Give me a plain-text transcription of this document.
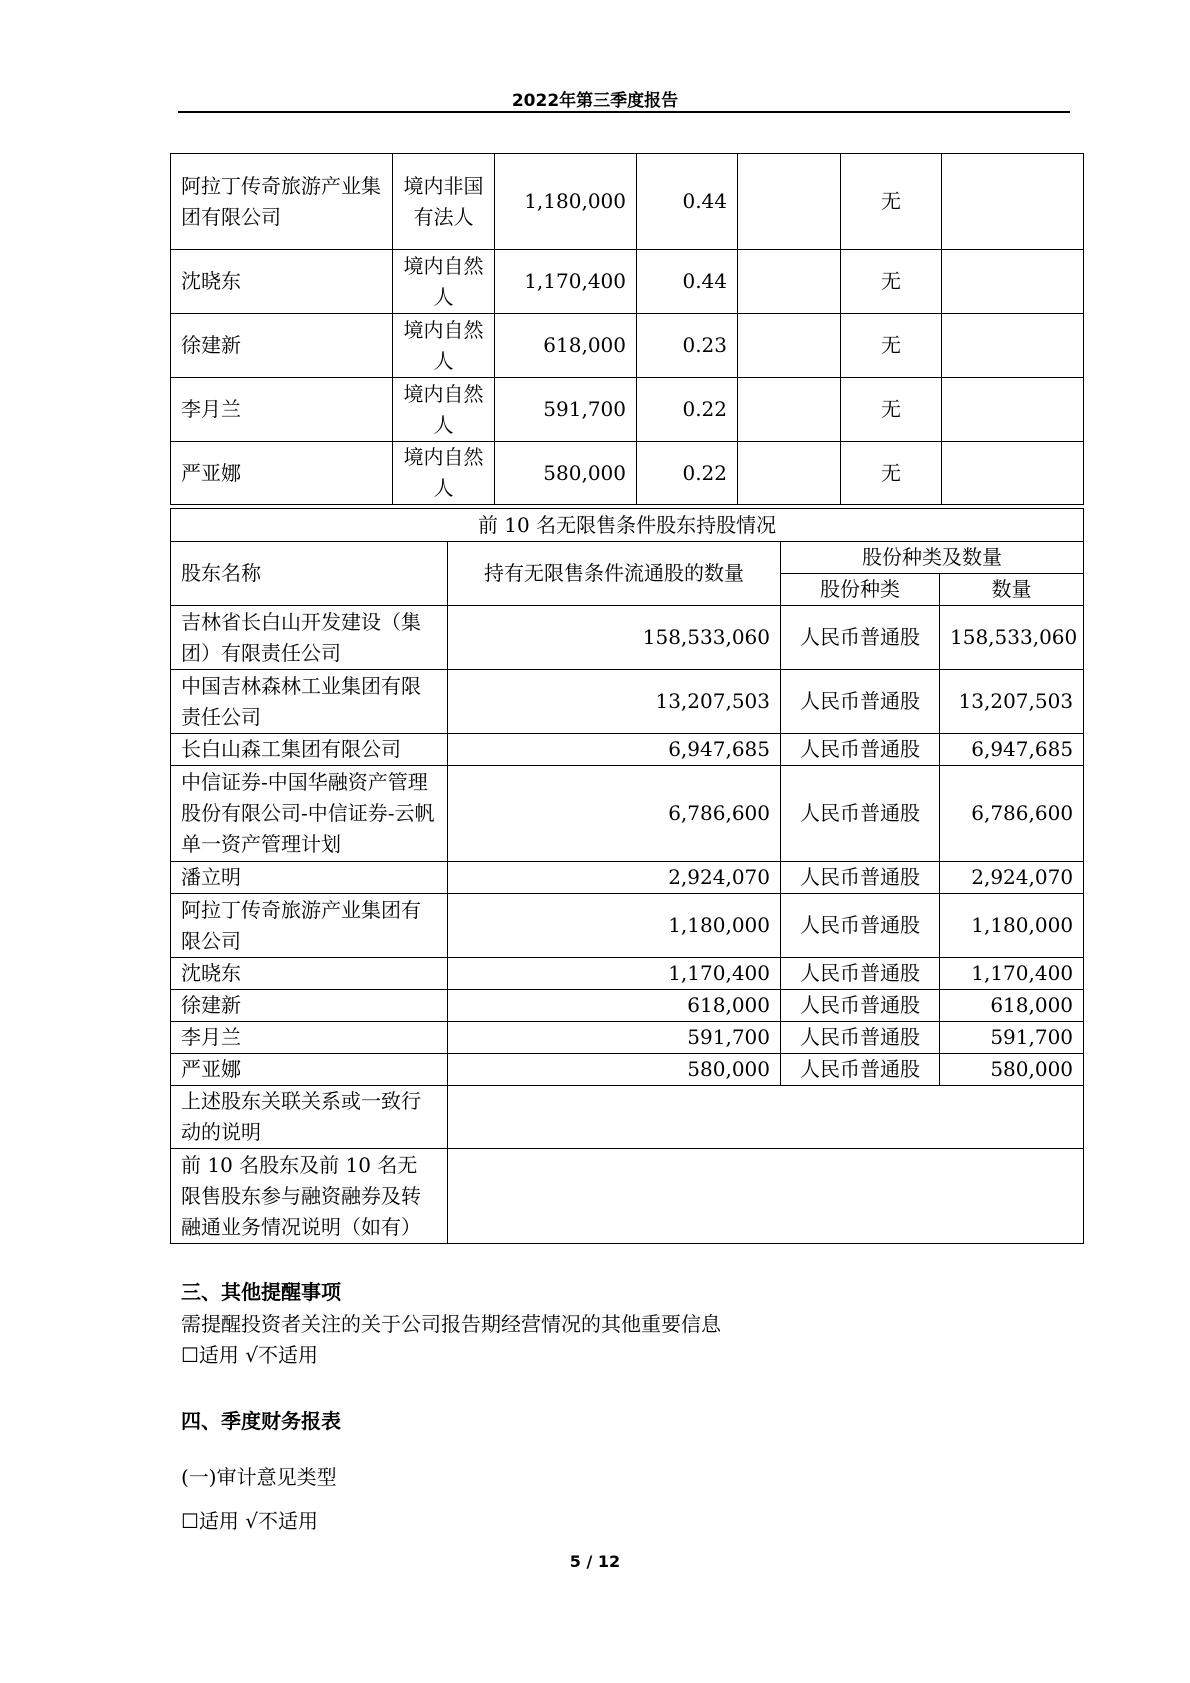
2022年第三季度报告
阿拉丁传奇旅游产业集团有限公司	境内非国有法人	1,180,000	0.44		无	
沈晓东	境内自然人	1,170,400	0.44		无	
徐建新	境内自然人	618,000	0.23		无	
李月兰	境内自然人	591,700	0.22		无	
严亚娜	境内自然人	580,000	0.22		无	
前 10 名无限售条件股东持股情况			
股东名称	持有无限售条件流通股的数量	股份种类及数量	
		股份种类	数量
吉林省长白山开发建设（集团）有限责任公司	158,533,060	人民币普通股	158,533,060
中国吉林森林工业集团有限责任公司	13,207,503	人民币普通股	13,207,503
长白山森工集团有限公司	6,947,685	人民币普通股	6,947,685
中信证券-中国华融资产管理股份有限公司-中信证券-云帆单一资产管理计划	6,786,600	人民币普通股	6,786,600
潘立明	2,924,070	人民币普通股	2,924,070
阿拉丁传奇旅游产业集团有限公司	1,180,000	人民币普通股	1,180,000
沈晓东	1,170,400	人民币普通股	1,170,400
徐建新	618,000	人民币普通股	618,000
李月兰	591,700	人民币普通股	591,700
严亚娜	580,000	人民币普通股	580,000
上述股东关联关系或一致行动的说明			
前 10 名股东及前 10 名无限售股东参与融资融券及转融通业务情况说明（如有）			
三、其他提醒事项
需提醒投资者关注的关于公司报告期经营情况的其他重要信息
☐适用 √不适用
四、季度财务报表
(一)审计意见类型
☐适用 √不适用
5 / 12
